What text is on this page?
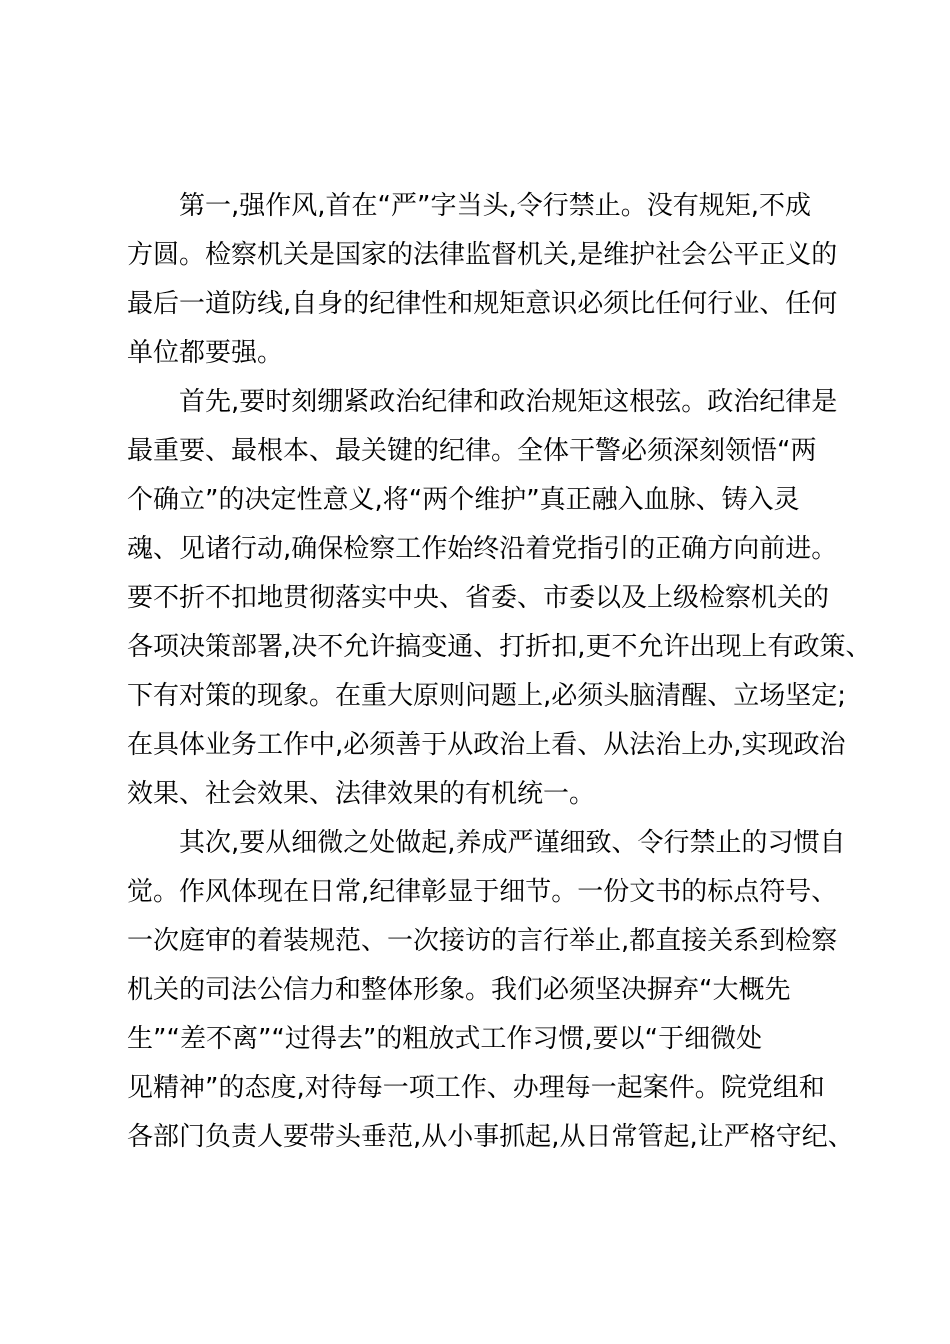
第一,强作风,首在“严”字当头,令行禁止。没有规矩,不成
方圆。检察机关是国家的法律监督机关,是维护社会公平正义的
最后一道防线,自身的纪律性和规矩意识必须比任何行业、任何
单位都要强。
首先,要时刻绷紧政治纪律和政治规矩这根弦。政治纪律是
最重要、最根本、最关键的纪律。全体干警必须深刻领悟“两
个确立”的决定性意义,将“两个维护”真正融入血脉、铸入灵
魂、见诸行动,确保检察工作始终沿着党指引的正确方向前进。
要不折不扣地贯彻落实中央、省委、市委以及上级检察机关的
各项决策部署,决不允许搞变通、打折扣,更不允许出现上有政策、
下有对策的现象。在重大原则问题上,必须头脑清醒、立场坚定;
在具体业务工作中,必须善于从政治上看、从法治上办,实现政治
效果、社会效果、法律效果的有机统一。
其次,要从细微之处做起,养成严谨细致、令行禁止的习惯自
觉。作风体现在日常,纪律彰显于细节。一份文书的标点符号、
一次庭审的着装规范、一次接访的言行举止,都直接关系到检察
机关的司法公信力和整体形象。我们必须坚决摒弃“大概先
生”“差不离”“过得去”的粗放式工作习惯,要以“于细微处
见精神”的态度,对待每一项工作、办理每一起案件。院党组和
各部门负责人要带头垂范,从小事抓起,从日常管起,让严格守纪、
